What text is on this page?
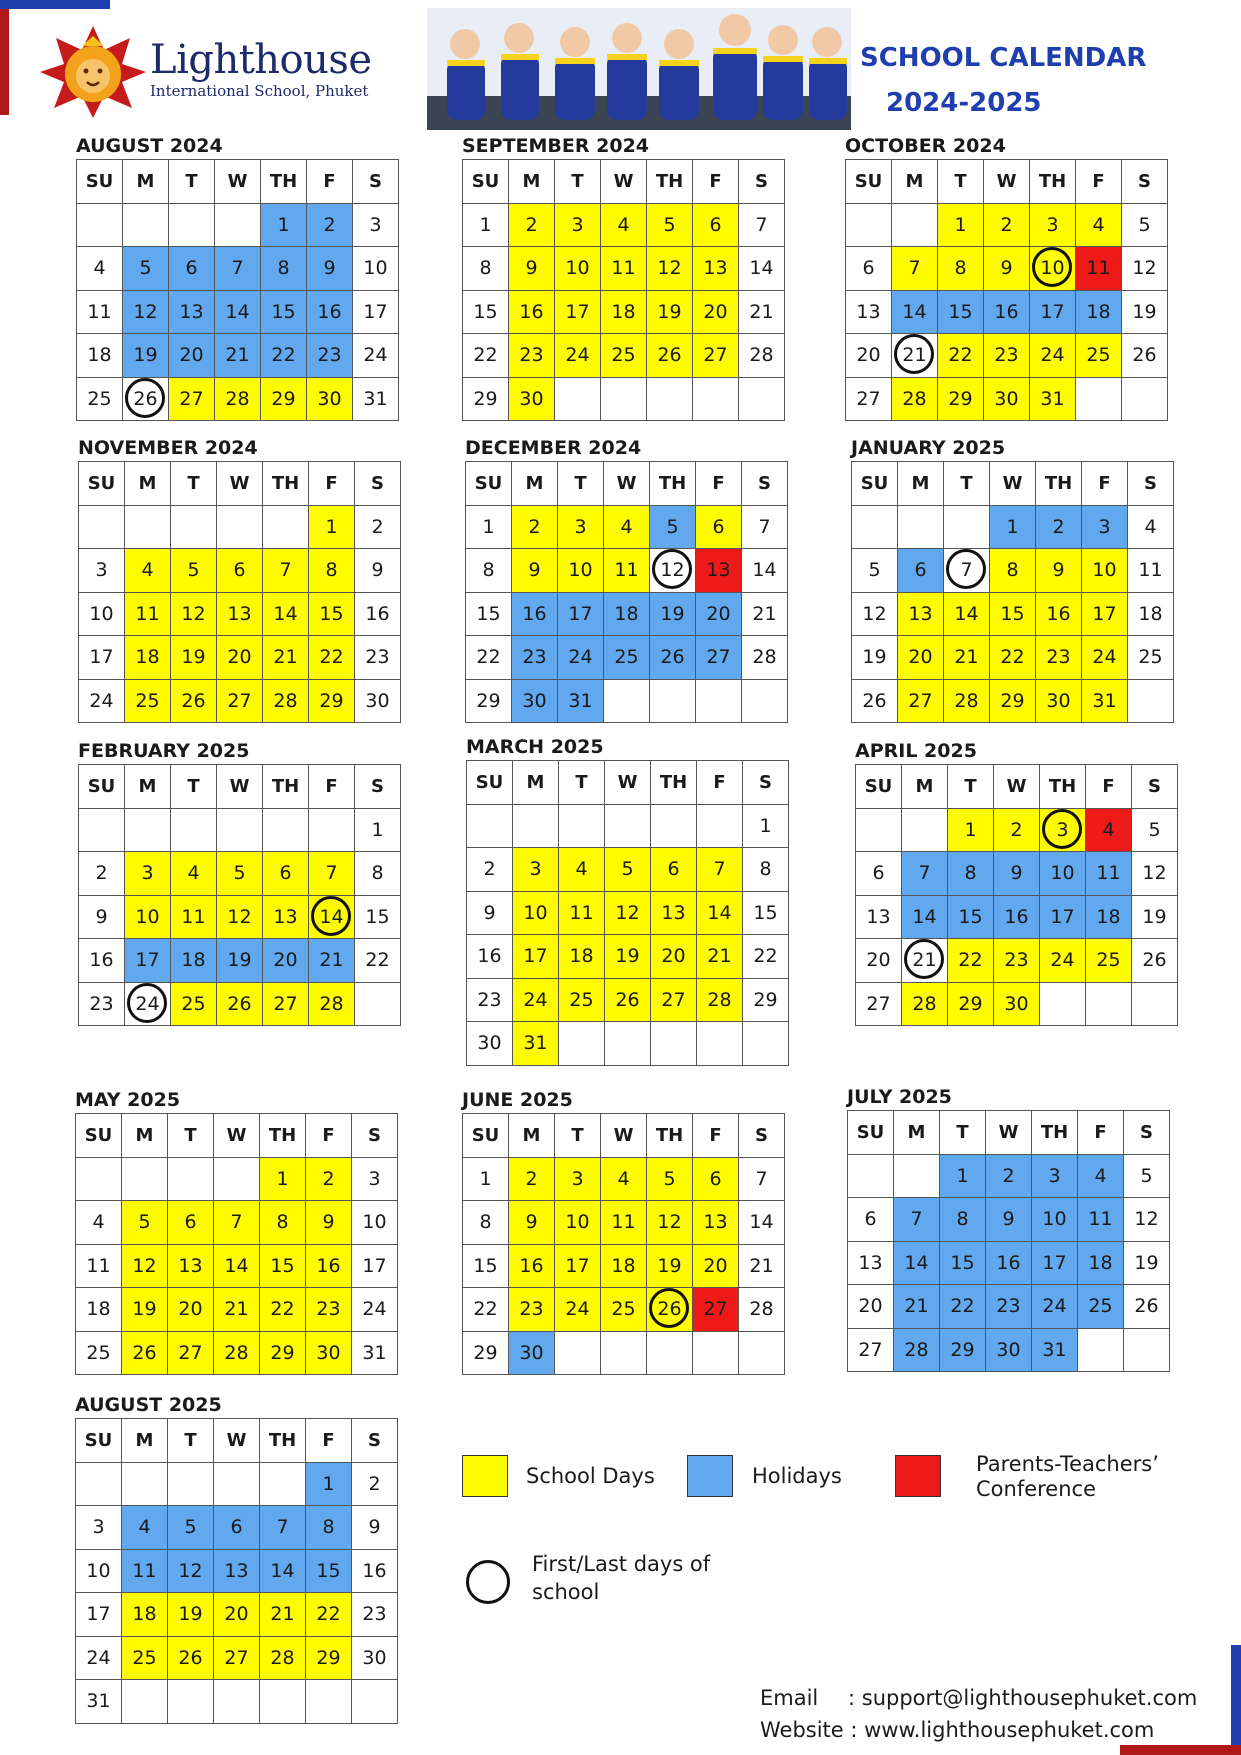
Lighthouse
International School, Phuket
SCHOOL CALENDAR
2024-2025
AUGUST 2024
SU	M	T	W	TH	F	S
				1	2	3
4	5	6	7	8	9	10
11	12	13	14	15	16	17
18	19	20	21	22	23	24
25	26	27	28	29	30	31
SEPTEMBER 2024
SU	M	T	W	TH	F	S
1	2	3	4	5	6	7
8	9	10	11	12	13	14
15	16	17	18	19	20	21
22	23	24	25	26	27	28
29	30					
OCTOBER 2024
SU	M	T	W	TH	F	S
		1	2	3	4	5
6	7	8	9	10	11	12
13	14	15	16	17	18	19
20	21	22	23	24	25	26
27	28	29	30	31		
NOVEMBER 2024
SU	M	T	W	TH	F	S
					1	2
3	4	5	6	7	8	9
10	11	12	13	14	15	16
17	18	19	20	21	22	23
24	25	26	27	28	29	30
DECEMBER 2024
SU	M	T	W	TH	F	S
1	2	3	4	5	6	7
8	9	10	11	12	13	14
15	16	17	18	19	20	21
22	23	24	25	26	27	28
29	30	31				
JANUARY 2025
SU	M	T	W	TH	F	S
			1	2	3	4
5	6	7	8	9	10	11
12	13	14	15	16	17	18
19	20	21	22	23	24	25
26	27	28	29	30	31	
FEBRUARY 2025
SU	M	T	W	TH	F	S
						1
2	3	4	5	6	7	8
9	10	11	12	13	14	15
16	17	18	19	20	21	22
23	24	25	26	27	28	
MARCH 2025
SU	M	T	W	TH	F	S
						1
2	3	4	5	6	7	8
9	10	11	12	13	14	15
16	17	18	19	20	21	22
23	24	25	26	27	28	29
30	31					
APRIL 2025
SU	M	T	W	TH	F	S
		1	2	3	4	5
6	7	8	9	10	11	12
13	14	15	16	17	18	19
20	21	22	23	24	25	26
27	28	29	30			
MAY 2025
SU	M	T	W	TH	F	S
				1	2	3
4	5	6	7	8	9	10
11	12	13	14	15	16	17
18	19	20	21	22	23	24
25	26	27	28	29	30	31
JUNE 2025
SU	M	T	W	TH	F	S
1	2	3	4	5	6	7
8	9	10	11	12	13	14
15	16	17	18	19	20	21
22	23	24	25	26	27	28
29	30					
JULY 2025
SU	M	T	W	TH	F	S
		1	2	3	4	5
6	7	8	9	10	11	12
13	14	15	16	17	18	19
20	21	22	23	24	25	26
27	28	29	30	31		
AUGUST 2025
SU	M	T	W	TH	F	S
					1	2
3	4	5	6	7	8	9
10	11	12	13	14	15	16
17	18	19	20	21	22	23
24	25	26	27	28	29	30
31						
School Days	Holidays	Parents-Teachers’
Conference
First/Last days of
school
Email : support@lighthousephuket.com
Website : www.lighthousephuket.com
